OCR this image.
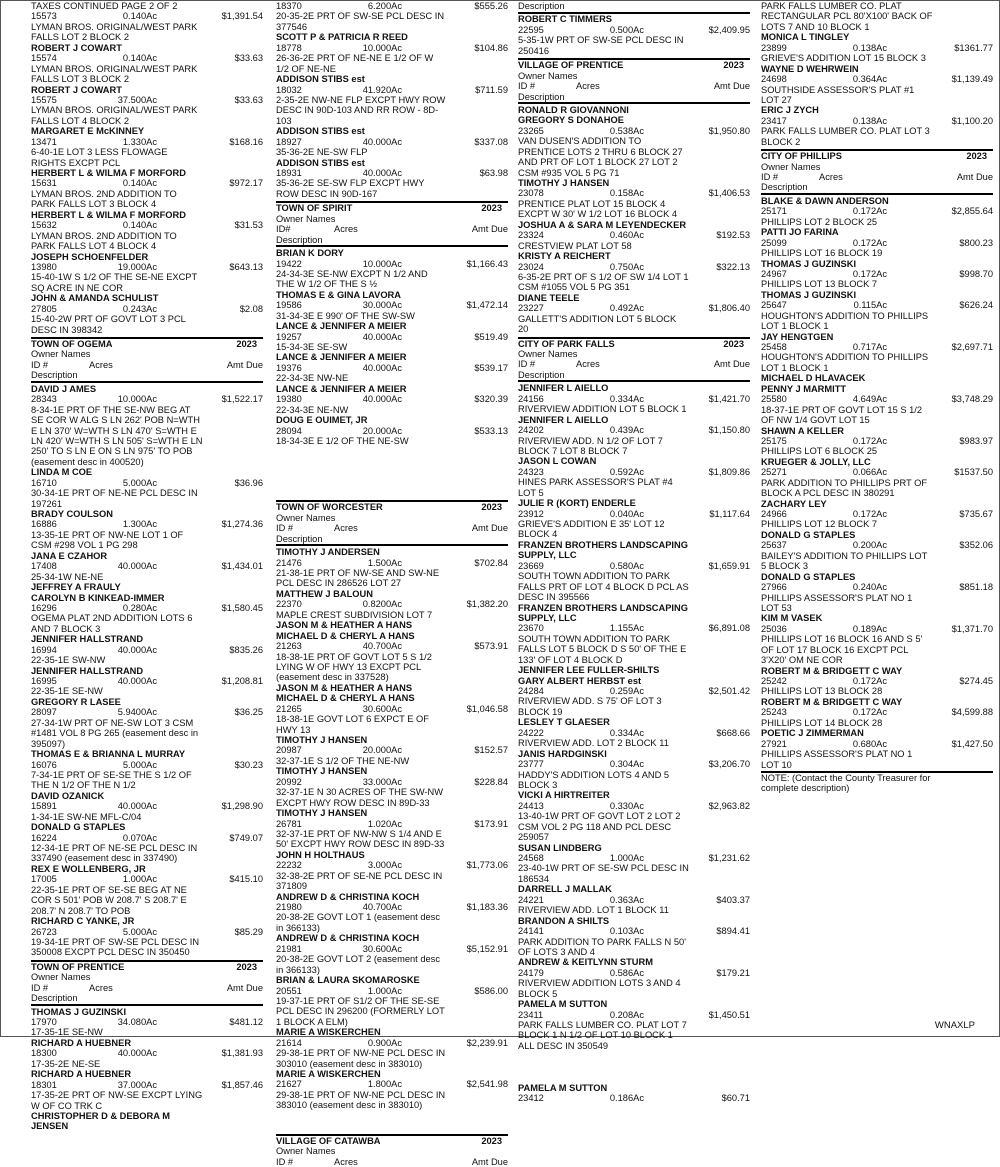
TAXES CONTINUED PAGE 2 OF 2
15573	0.140Ac	$1,391.54
LYMAN BROS. ORIGINAL/WEST PARK
FALLS LOT 2 BLOCK 2
ROBERT J COWART
15574	0.140Ac	$33.63
LYMAN BROS. ORIGINAL/WEST PARK
FALLS LOT 3 BLOCK 2
ROBERT J COWART
15575	37.500Ac	$33.63
LYMAN BROS. ORIGINAL/WEST PARK
FALLS LOT 4 BLOCK 2
MARGARET E McKINNEY
13471	1.330Ac	$168.16
6-40-1E LOT 3 LESS FLOWAGE
RIGHTS EXCPT PCL
HERBERT L & WILMA F MORFORD
15631	0.140Ac	$972.17
LYMAN BROS. 2ND ADDITION TO
PARK FALLS LOT 3 BLOCK 4
HERBERT L & WILMA F MORFORD
15632	0.140Ac	$31.53
LYMAN BROS. 2ND ADDITION TO
PARK FALLS LOT 4 BLOCK 4
JOSEPH SCHOENFELDER
13980	19.000Ac	$643.13
15-40-1W S 1/2 OF THE SE-NE EXCPT
SQ ACRE IN NE COR
JOHN & AMANDA SCHULIST
27805	0.243Ac	$2.08
15-40-2W PRT OF GOVT LOT 3 PCL
DESC IN 398342
TOWN OF OGEMA	2023
Owner Names
ID #	Acres	Amt Due
Description
DAVID J AMES
28343	10.000Ac	$1,522.17
8-34-1E PRT OF THE SE-NW BEG AT
SE COR W ALG S LN 262' POB N=WTH
E LN 370' W=WTH S LN 470' S=WTH E
LN 420' W=WTH S LN 505' S=WTH E LN
250' TO S LN E ON S LN 975' TO POB
(easement desc in 400520)
LINDA M COE
16710	5.000Ac	$36.96
30-34-1E PRT OF NE-NE PCL DESC IN
197261
BRADY COULSON
16886	1.300Ac	$1,274.36
13-35-1E PRT OF NW-NE LOT 1 OF
CSM #298 VOL 1 PG 298
JANA E CZAHOR
17408	40.000Ac	$1,434.01
25-34-1W NE-NE
JEFFREY A FRAULY
CAROLYN B KINKEAD-IMMER
16296	0.280Ac	$1,580.45
OGEMA PLAT 2ND ADDITION LOTS 6
AND 7 BLOCK 3
JENNIFER HALLSTRAND
16994	40.000Ac	$835.26
22-35-1E SW-NW
JENNIFER HALLSTRAND
16995	40.000Ac	$1,208.81
22-35-1E SE-NW
GREGORY R LASEE
28097	5.9400Ac	$36.25
27-34-1W PRT OF NE-SW LOT 3 CSM
#1481 VOL 8 PG 265 (easement desc in
395097)
THOMAS E & BRIANNA L MURRAY
16076	5.000Ac	$30.23
7-34-1E PRT OF SE-SE THE S 1/2 OF
THE N 1/2 OF THE N 1/2
DAVID OZANICK
15891	40.000Ac	$1,298.90
1-34-1E SW-NE MFL-C/04
DONALD G STAPLES
16224	0.070Ac	$749.07
12-34-1E PRT OF NE-SE PCL DESC IN
337490 (easement desc in 337490)
REX E WOLLENBERG, JR
17005	1.000Ac	$415.10
22-35-1E PRT OF SE-SE BEG AT NE
COR S 501' POB W 208.7' S 208.7' E
208.7' N 208.7' TO POB
RICHARD C YANKE, JR
26723	5.000Ac	$85.29
19-34-1E PRT OF SW-SE PCL DESC IN
350008 EXCPT PCL DESC IN 350450
TOWN OF PRENTICE	2023
Owner Names
ID #	Acres	Amt Due
Description
THOMAS J GUZINSKI
17970	34.080Ac	$481.12
17-35-1E SE-NW
RICHARD A HUEBNER
18300	40.000Ac	$1,381.93
17-35-2E NE-SE
RICHARD A HUEBNER
18301	37.000Ac	$1,857.46
17-35-2E PRT OF NW-SE EXCPT LYING
W OF CO TRK C
CHRISTOPHER D & DEBORA M
JENSEN
18370	6.200Ac	$555.26
20-35-2E PRT OF SW-SE PCL DESC IN
377546
SCOTT P & PATRICIA R REED
18778	10.000Ac	$104.86
26-36-2E PRT OF NE-NE E 1/2 OF W
1/2 OF NE-NE
ADDISON STIBS est
18032	41.920Ac	$711.59
2-35-2E NW-NE FLP EXCPT HWY ROW
DESC IN 90D-103 AND RR ROW - 8D-
103
ADDISON STIBS est
18927	40.000Ac	$337.08
35-36-2E NE-SW FLP
ADDISON STIBS est
18931	40.000Ac	$63.98
35-36-2E SE-SW FLP EXCPT HWY
ROW DESC IN 90D-167
TOWN OF SPIRIT	2023
Owner Names
ID#	Acres	Amt Due
Description
BRIAN K DORY
19422	10.000Ac	$1,166.43
24-34-3E SE-NW EXCPT N 1/2 AND
THE W 1/2 OF THE S ½
THOMAS E & GINA LAVORA
19586	30.000Ac	$1,472.14
31-34-3E E 990' OF THE SW-SW
LANCE & JENNIFER A MEIER
19257	40.000Ac	$519.49
15-34-3E SE-SW
LANCE & JENNIFER A MEIER
19376	40.000Ac	$539.17
22-34-3E NW-NE
LANCE & JENNIFER A MEIER
19380	40.000Ac	$320.39
22-34-3E NE-NW
DOUG E OUIMET, JR
28094	20.000Ac	$533.13
18-34-3E E 1/2 OF THE NE-SW
TOWN OF WORCESTER	2023
Owner Names
ID #	Acres	Amt Due
Description
TIMOTHY J ANDERSEN
21476	1.500Ac	$702.84
21-38-1E PRT OF NW-SE AND SW-NE
PCL DESC IN 286526 LOT 27
MATTHEW J BALOUN
22370	0.8200Ac	$1,382.20
MAPLE CREST SUBDIVISION LOT 7
JASON M & HEATHER A HANS
MICHAEL D & CHERYL A HANS
21263	40.700Ac	$573.91
18-38-1E PRT OF GOVT LOT 5 S 1/2
LYING W OF HWY 13 EXCPT PCL
(easement desc in 337528)
JASON M & HEATHER A HANS
MICHAEL D & CHERYL A HANS
21265	30.600Ac	$1,046.58
18-38-1E GOVT LOT 6 EXPCT E OF
HWY 13
TIMOTHY J HANSEN
20987	20.000Ac	$152.57
32-37-1E S 1/2 OF THE NE-NW
TIMOTHY J HANSEN
20992	33.000Ac	$228.84
32-37-1E N 30 ACRES OF THE SW-NW
EXCPT HWY ROW DESC IN 89D-33
TIMOTHY J HANSEN
26781	1.020Ac	$173.91
32-37-1E PRT OF NW-NW S 1/4 AND E
50' EXCPT HWY ROW DESC IN 89D-33
JOHN H HOLTHAUS
22232	3.000Ac	$1,773.06
32-38-2E PRT OF SE-NE PCL DESC IN
371809
ANDREW D & CHRISTINA KOCH
21980	40.700Ac	$1,183.36
20-38-2E GOVT LOT 1 (easement desc
in 366133)
ANDREW D & CHRISTINA KOCH
21981	30.600Ac	$5,152.91
20-38-2E GOVT LOT 2 (easement desc
in 366133)
BRIAN & LAURA SKOMAROSKE
20551	1.000Ac	$586.00
19-37-1E PRT OF S1/2 OF THE SE-SE
PCL DESC IN 296200 (FORMERLY LOT
1 BLOCK A ELM)
MARIE A WISKERCHEN
21614	0.900Ac	$2,239.91
29-38-1E PRT OF NW-NE PCL DESC IN
303010 (easement desc in 383010)
MARIE A WISKERCHEN
21627	1.800Ac	$2,541.98
29-38-1E PRT OF NW-NE PCL DESC IN
383010 (easement desc in 383010)
VILLAGE OF CATAWBA	2023
Owner Names
ID #	Acres	Amt Due
Description
ROBERT C TIMMERS
22595	0.500Ac	$2,409.95
5-35-1W PRT OF SW-SE PCL DESC IN
250416
VILLAGE OF PRENTICE	2023
Owner Names
ID #	Acres	Amt Due
Description
RONALD R GIOVANNONI
GREGORY S DONAHOE
23265	0.538Ac	$1,950.80
VAN DUSEN'S ADDITION TO
PRENTICE LOTS 2 THRU 6 BLOCK 27
AND PRT OF LOT 1 BLOCK 27 LOT 2
CSM #935 VOL 5 PG 71
TIMOTHY J HANSEN
23078	0.158Ac	$1,406.53
PRENTICE PLAT LOT 15 BLOCK 4
EXCPT W 30' W 1/2 LOT 16 BLOCK 4
JOSHUA A & SARA M LEYENDECKER
23324	0.460Ac	$192.53
CRESTVIEW PLAT LOT 58
KRISTY A REICHERT
23024	0.750Ac	$322.13
6-35-2E PRT OF S 1/2 OF SW 1/4 LOT 1
CSM #1055 VOL 5 PG 351
DIANE TEELE
23227	0.492Ac	$1,806.40
GALLETT'S ADDITION LOT 5 BLOCK
20
CITY OF PARK FALLS	2023
Owner Names
ID #	Acres	Amt Due
Description
JENNIFER L AIELLO
24156	0.334Ac	$1,421.70
RIVERVIEW ADDITION LOT 5 BLOCK 1
JENNIFER L AIELLO
24202	0.439Ac	$1,150.80
RIVERVIEW ADD. N 1/2 OF LOT 7
BLOCK 7 LOT 8 BLOCK 7
JASON L COWAN
24323	0.592Ac	$1,809.86
HINES PARK ASSESSOR'S PLAT #4
LOT 5
JULIE R (KORT) ENDERLE
23912	0.040Ac	$1,117.64
GRIEVE'S ADDITION E 35' LOT 12
BLOCK 4
FRANZEN BROTHERS LANDSCAPING
SUPPLY, LLC
23669	0.580Ac	$1,659.91
SOUTH TOWN ADDITION TO PARK
FALLS PRT OF LOT 4 BLOCK D PCL AS
DESC IN 395566
FRANZEN BROTHERS LANDSCAPING
SUPPLY, LLC
23670	1.155Ac	$6,891.08
SOUTH TOWN ADDITION TO PARK
FALLS LOT 5 BLOCK D S 50' OF THE E
133' OF LOT 4 BLOCK D
JENNIFER LEE FULLER-SHILTS
GARY ALBERT HERBST est
24284	0.259Ac	$2,501.42
RIVERVIEW ADD. S 75' OF LOT 3
BLOCK 19
LESLEY T GLAESER
24222	0.334Ac	$668.66
RIVERVIEW ADD. LOT 2 BLOCK 11
JANIS HARDGINSKI
23777	0.304Ac	$3,206.70
HADDY'S ADDITION LOTS 4 AND 5
BLOCK 3
VICKI A HIRTREITER
24413	0.330Ac	$2,963.82
13-40-1W PRT OF GOVT LOT 2 LOT 2
CSM VOL 2 PG 118 AND PCL DESC
259057
SUSAN LINDBERG
24568	1.000Ac	$1,231.62
23-40-1W PRT OF SE-SW PCL DESC IN
186534
DARRELL J MALLAK
24221	0.363Ac	$403.37
RIVERVIEW ADD. LOT 1 BLOCK 11
BRANDON A SHILTS
24141	0.103Ac	$894.41
PARK ADDITION TO PARK FALLS N 50'
OF LOTS 3 AND 4
ANDREW & KEITLYNN STURM
24179	0.586Ac	$179.21
RIVERVIEW ADDITION LOTS 3 AND 4
BLOCK 5
PAMELA M SUTTON
23411	0.208Ac	$1,450.51
PARK FALLS LUMBER CO. PLAT LOT 7
BLOCK 1 N 1/2 OF LOT 10 BLOCK 1
ALL DESC IN 350549
PAMELA M SUTTON
23412	0.186Ac	$60.71
PARK FALLS LUMBER CO. PLAT
RECTANGULAR PCL 80'X100' BACK OF
LOTS 7 AND 10 BLOCK 1
MONICA L TINGLEY
23899	0.138Ac	$1361.77
GRIEVE'S ADDITION LOT 15 BLOCK 3
WAYNE D WEHRWEIN
24698	0.364Ac	$1,139.49
SOUTHSIDE ASSESSOR'S PLAT #1
LOT 27
ERIC J ZYCH
23417	0.138Ac	$1,100.20
PARK FALLS LUMBER CO. PLAT LOT 3
BLOCK 2
CITY OF PHILLIPS	2023
Owner Names
ID #	Acres	Amt Due
Description
BLAKE & DAWN ANDERSON
25171	0.172Ac	$2,855.64
PHILLIPS LOT 2 BLOCK 25
PATTI JO FARINA
25099	0.172Ac	$800.23
PHILLIPS LOT 16 BLOCK 19
THOMAS J GUZINSKI
24967	0.172Ac	$998.70
PHILLIPS LOT 13 BLOCK 7
THOMAS J GUZINSKI
25647	0.115Ac	$626.24
HOUGHTON'S ADDITION TO PHILLIPS
LOT 1 BLOCK 1
JAY HENGTGEN
25458	0.717Ac	$2,697.71
HOUGHTON'S ADDITION TO PHILLIPS
LOT 1 BLOCK 1
MICHAEL D HLAVACEK
PENNY J MARMITT
25580	4.649Ac	$3,748.29
18-37-1E PRT OF GOVT LOT 15 S 1/2
OF NW 1/4 GOVT LOT 15
SHAWN A KELLER
25175	0.172Ac	$983.97
PHILLIPS LOT 6 BLOCK 25
KRUEGER & JOLLY, LLC
25271	0.066Ac	$1537.50
PARK ADDITION TO PHILLIPS PRT OF
BLOCK A PCL DESC IN 380291
ZACHARY LEY
24966	0.172Ac	$735.67
PHILLIPS LOT 12 BLOCK 7
DONALD G STAPLES
25637	0.200Ac	$352.06
BAILEY'S ADDITION TO PHILLIPS LOT
5 BLOCK 3
DONALD G STAPLES
27966	0.240Ac	$851.18
PHILLIPS ASSESSOR'S PLAT NO 1
LOT 53
KIM M VASEK
25036	0.189Ac	$1,371.70
PHILLIPS LOT 16 BLOCK 16 AND S 5'
OF LOT 17 BLOCK 16 EXCPT PCL
3'X20' OM NE COR
ROBERT M & BRIDGETT C WAY
25242	0.172Ac	$274.45
PHILLIPS LOT 13 BLOCK 28
ROBERT M & BRIDGETT C WAY
25243	0.172Ac	$4,599.88
PHILLIPS LOT 14 BLOCK 28
POETIC J ZIMMERMAN
27921	0.680Ac	$1,427.50
PHILLIPS ASSESSOR'S PLAT NO 1
LOT 10
NOTE: (Contact the County Treasurer for
complete description)
WNAXLP
